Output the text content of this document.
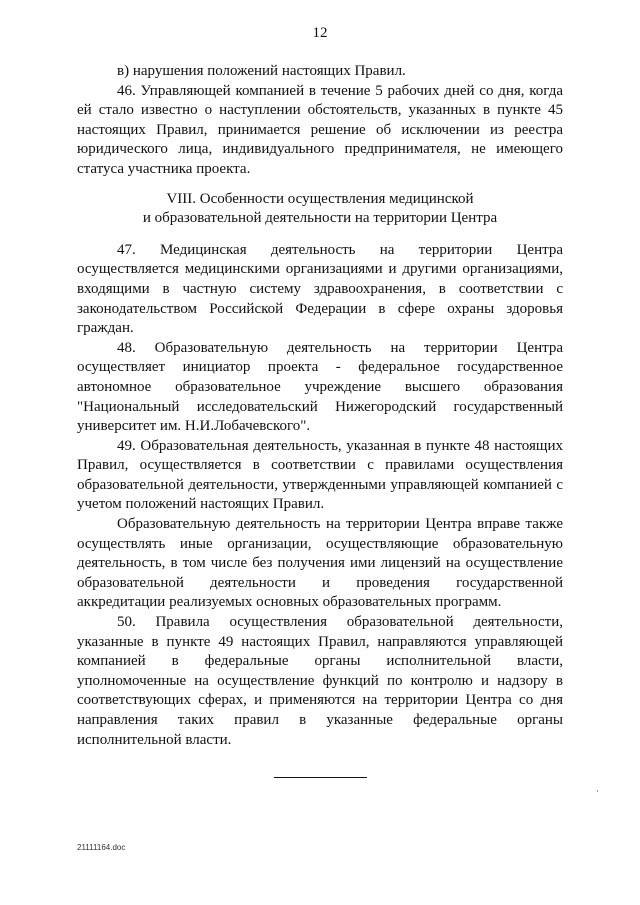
12

в) нарушения положений настоящих Правил.

46. Управляющей компанией в течение 5 рабочих дней со дня, когда ей стало известно о наступлении обстоятельств, указанных в пункте 45 настоящих Правил, принимается решение об исключении из реестра юридического лица, индивидуального предпринимателя, не имеющего статуса участника проекта.

VIII. Особенности осуществления медицинской
и образовательной деятельности на территории Центра

47. Медицинская деятельность на территории Центра осуществляется медицинскими организациями и другими организациями, входящими в частную систему здравоохранения, в соответствии с законодательством Российской Федерации в сфере охраны здоровья граждан.

48. Образовательную деятельность на территории Центра осуществляет инициатор проекта - федеральное государственное автономное образовательное учреждение высшего образования "Национальный исследовательский Нижегородский государственный университет им. Н.И.Лобачевского".

49. Образовательная деятельность, указанная в пункте 48 настоящих Правил, осуществляется в соответствии с правилами осуществления образовательной деятельности, утвержденными управляющей компанией с учетом положений настоящих Правил.

Образовательную деятельность на территории Центра вправе также осуществлять иные организации, осуществляющие образовательную деятельность, в том числе без получения ими лицензий на осуществление образовательной деятельности и проведения государственной аккредитации реализуемых основных образовательных программ.

50. Правила осуществления образовательной деятельности, указанные в пункте 49 настоящих Правил, направляются управляющей компанией в федеральные органы исполнительной власти, уполномоченные на осуществление функций по контролю и надзору в соответствующих сферах, и применяются на территории Центра со дня направления таких правил в указанные федеральные органы исполнительной власти.

21111164.doc
